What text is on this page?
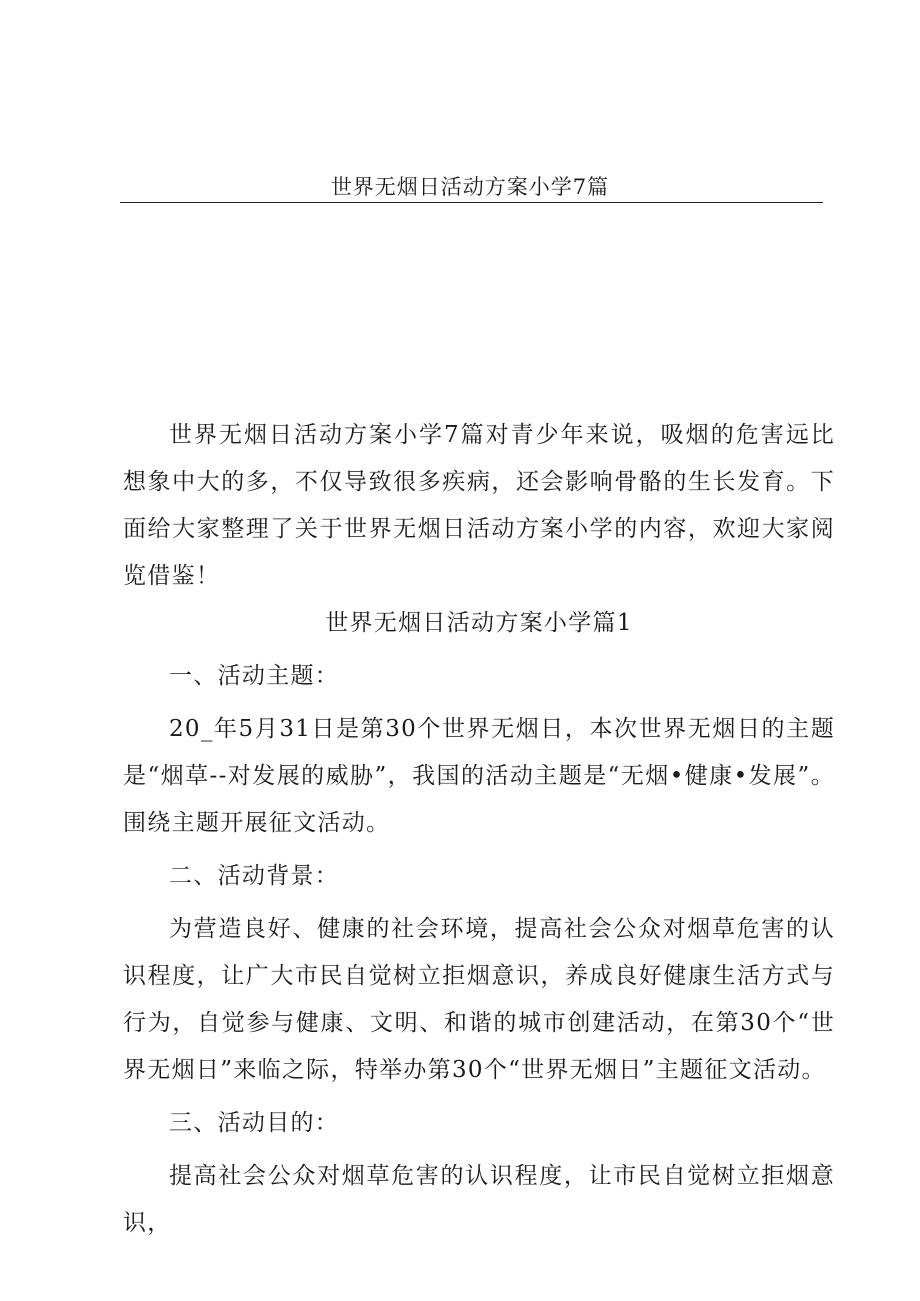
世界无烟日活动方案小学7篇

世界无烟日活动方案小学7篇对青少年来说，吸烟的危害远比想象中大的多，不仅导致很多疾病，还会影响骨骼的生长发育。下面给大家整理了关于世界无烟日活动方案小学的内容，欢迎大家阅览借鉴！

世界无烟日活动方案小学篇1

一、活动主题：

20_年5月31日是第30个世界无烟日，本次世界无烟日的主题是“烟草--对发展的威胁”，我国的活动主题是“无烟•健康•发展”。围绕主题开展征文活动。

二、活动背景：

为营造良好、健康的社会环境，提高社会公众对烟草危害的认识程度，让广大市民自觉树立拒烟意识，养成良好健康生活方式与行为，自觉参与健康、文明、和谐的城市创建活动，在第30个“世界无烟日”来临之际，特举办第30个“世界无烟日”主题征文活动。

三、活动目的：

提高社会公众对烟草危害的认识程度，让市民自觉树立拒烟意识，
